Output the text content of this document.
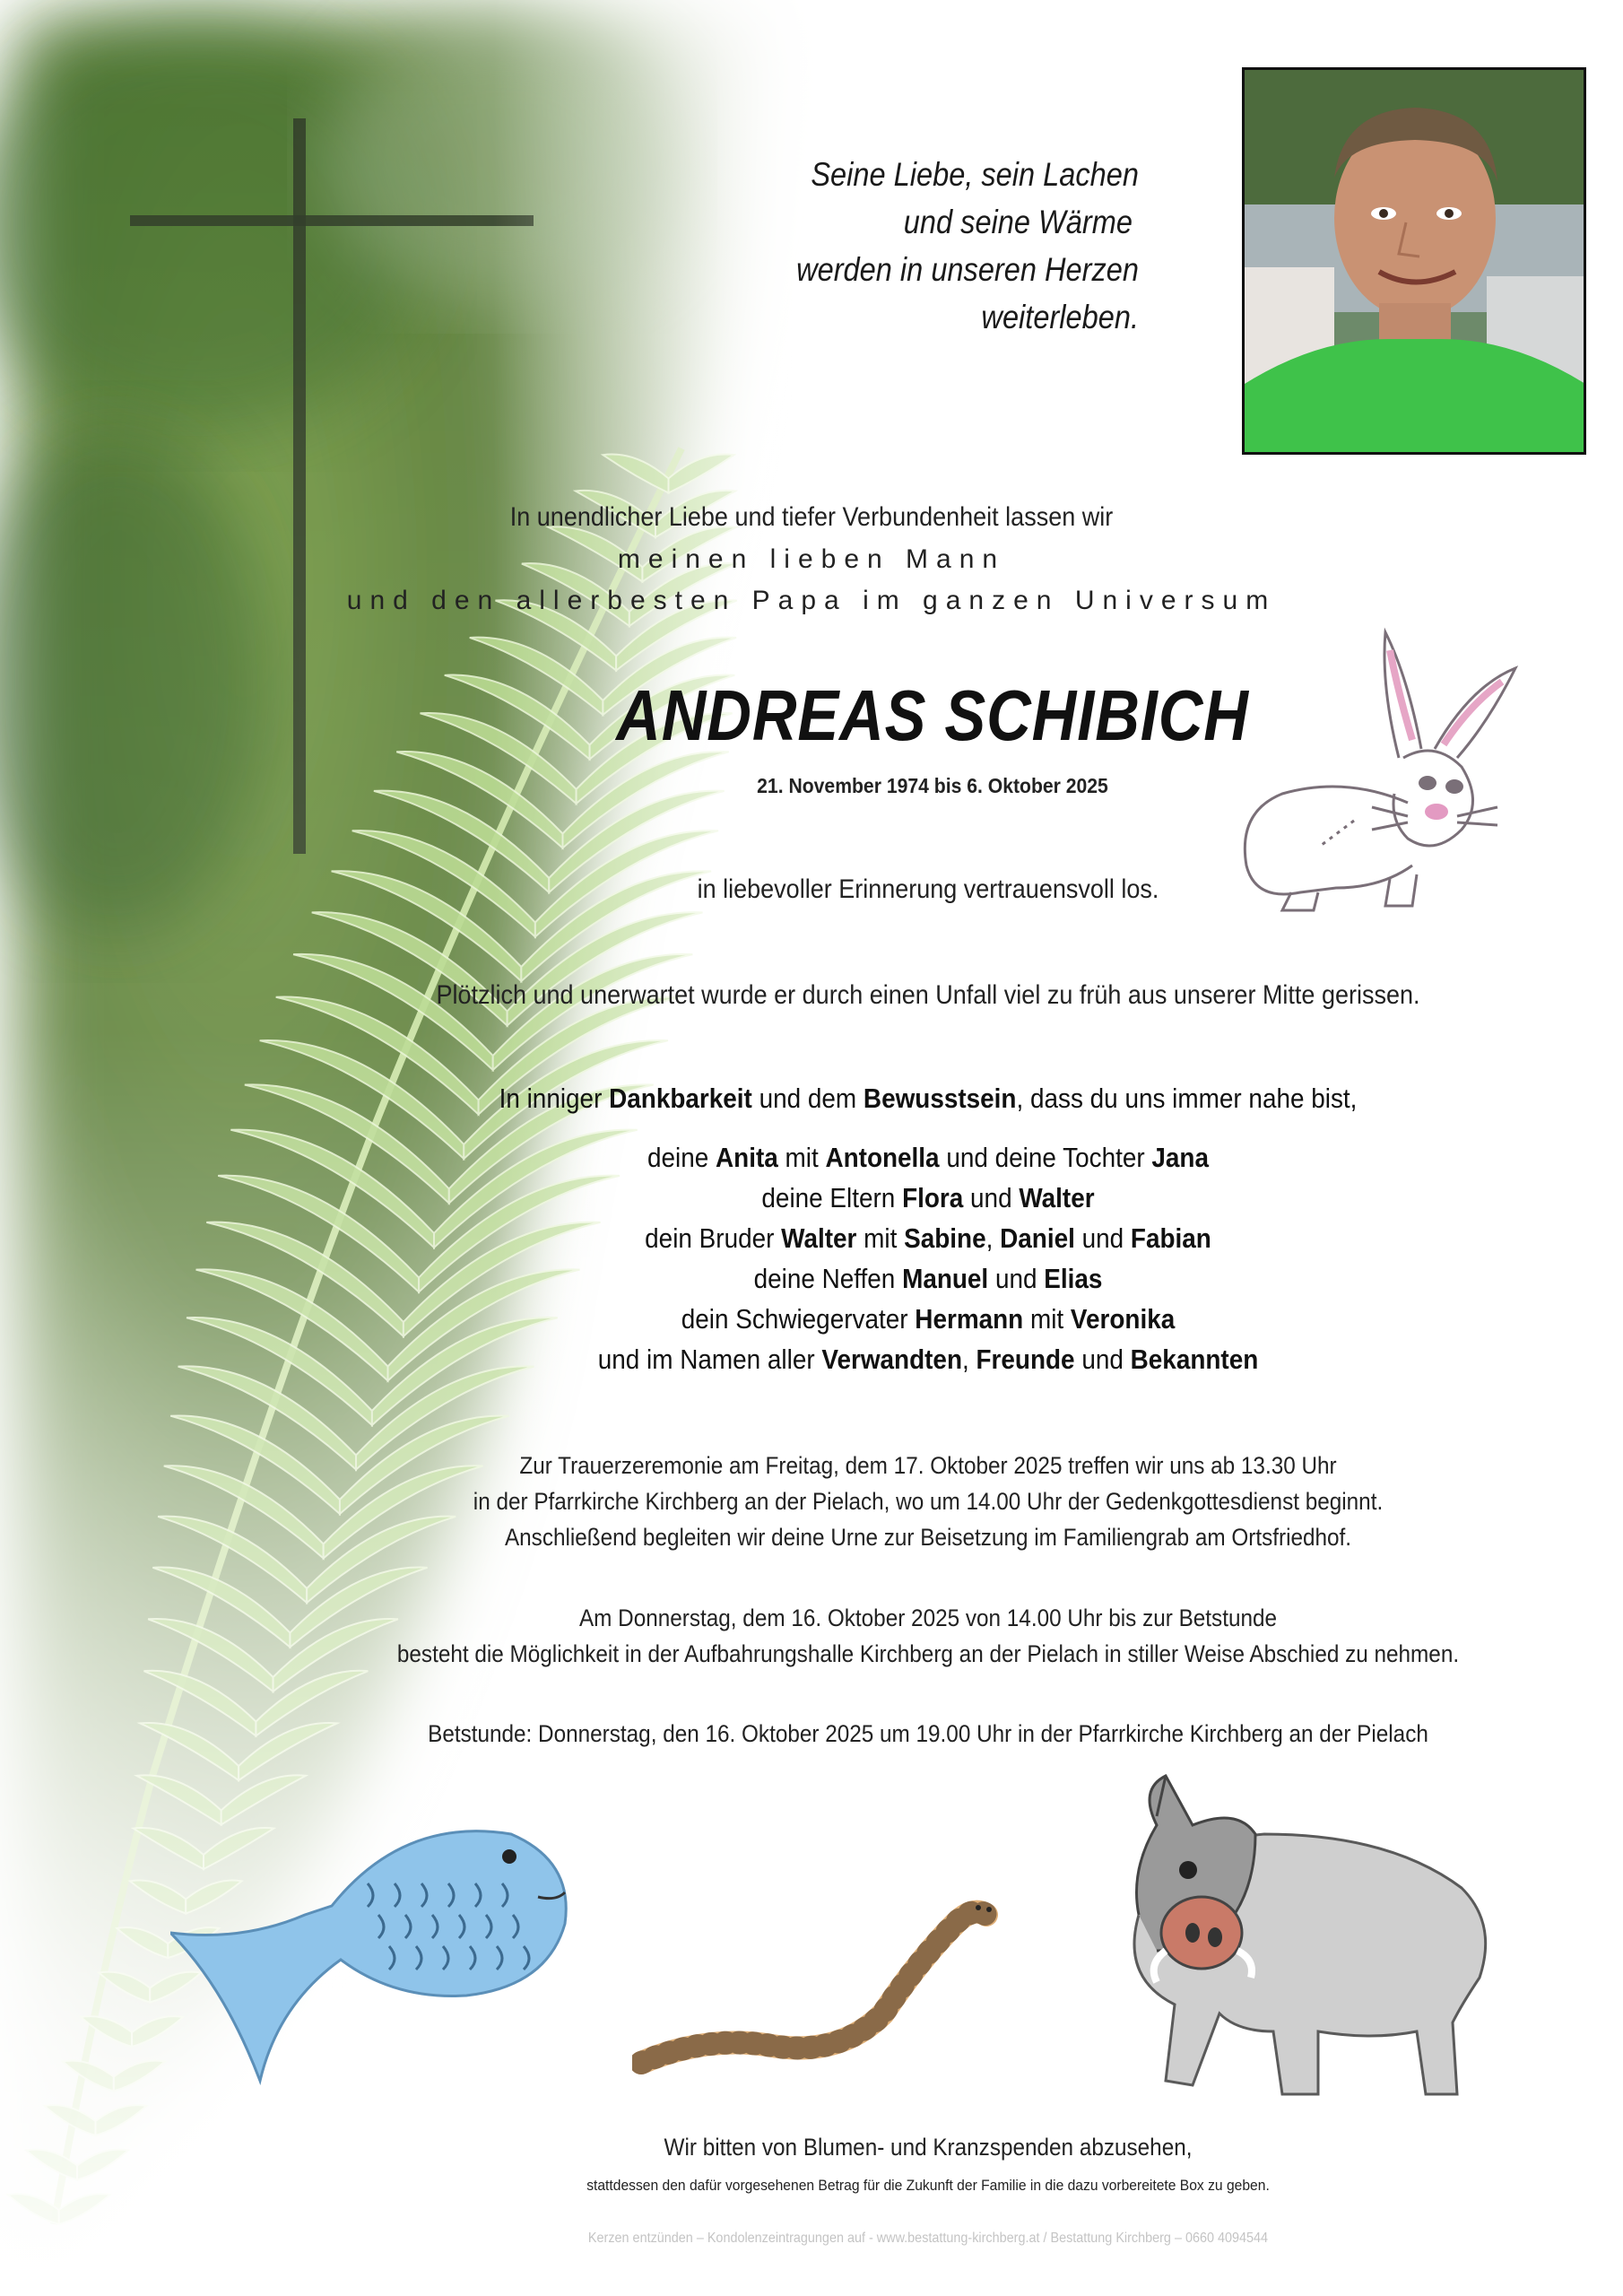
Seine Liebe, sein Lachen
und seine Wärme
werden in unseren Herzen
weiterleben.
In unendlicher Liebe und tiefer Verbundenheit lassen wir
meinen lieben Mann
und den allerbesten Papa im ganzen Universum
ANDREAS SCHIBICH
21. November 1974 bis 6. Oktober 2025
in liebevoller Erinnerung vertrauensvoll los.
Plötzlich und unerwartet wurde er durch einen Unfall viel zu früh aus unserer Mitte gerissen.
In inniger Dankbarkeit und dem Bewusstsein, dass du uns immer nahe bist,
deine Anita mit Antonella und deine Tochter Jana
deine Eltern Flora und Walter
dein Bruder Walter mit Sabine, Daniel und Fabian
deine Neffen Manuel und Elias
dein Schwiegervater Hermann mit Veronika
und im Namen aller Verwandten, Freunde und Bekannten
Zur Trauerzeremonie am Freitag, dem 17. Oktober 2025 treffen wir uns ab 13.30 Uhr
in der Pfarrkirche Kirchberg an der Pielach, wo um 14.00 Uhr der Gedenkgottesdienst beginnt.
Anschließend begleiten wir deine Urne zur Beisetzung im Familiengrab am Ortsfriedhof.
Am Donnerstag, dem 16. Oktober 2025 von 14.00 Uhr bis zur Betstunde
besteht die Möglichkeit in der Aufbahrungshalle Kirchberg an der Pielach in stiller Weise Abschied zu nehmen.
Betstunde: Donnerstag, den 16. Oktober 2025 um 19.00 Uhr in der Pfarrkirche Kirchberg an der Pielach
Wir bitten von Blumen- und Kranzspenden abzusehen,
stattdessen den dafür vorgesehenen Betrag für die Zukunft der Familie in die dazu vorbereitete Box zu geben.
Kerzen entzünden – Kondolenzeintragungen auf - www.bestattung-kirchberg.at / Bestattung Kirchberg – 0660 4094544
